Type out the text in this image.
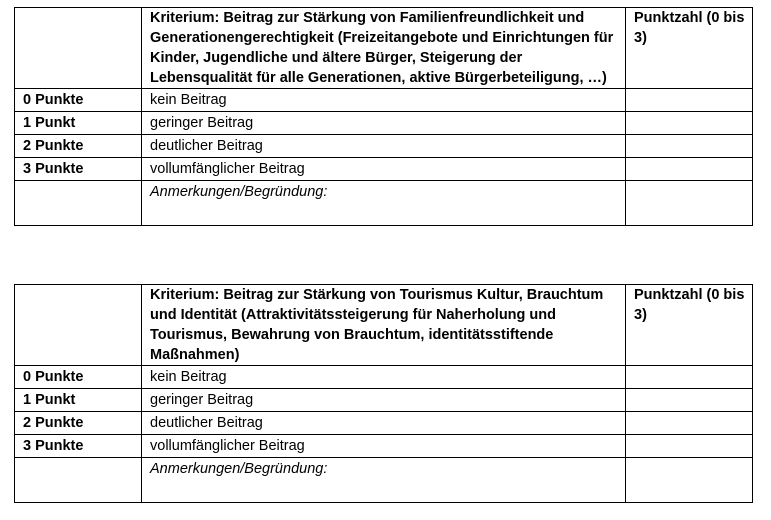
	Kriterium: Beitrag zur Stärkung von Familienfreundlichkeit und Generationengerechtigkeit (Freizeitangebote und Einrichtungen für Kinder, Jugendliche und ältere Bürger, Steigerung der Lebensqualität für alle Generationen, aktive Bürgerbeteiligung, …)	Punktzahl (0 bis 3)
0 Punkte	kein Beitrag	
1 Punkt	geringer Beitrag	
2 Punkte	deutlicher Beitrag	
3 Punkte	vollumfänglicher Beitrag	
	Anmerkungen/Begründung:	
	Kriterium: Beitrag zur Stärkung von Tourismus Kultur, Brauchtum und Identität (Attraktivitätssteigerung für Naherholung und Tourismus, Bewahrung von Brauchtum, identitätsstiftende Maßnahmen)	Punktzahl (0 bis 3)
0 Punkte	kein Beitrag	
1 Punkt	geringer Beitrag	
2 Punkte	deutlicher Beitrag	
3 Punkte	vollumfänglicher Beitrag	
	Anmerkungen/Begründung:	
